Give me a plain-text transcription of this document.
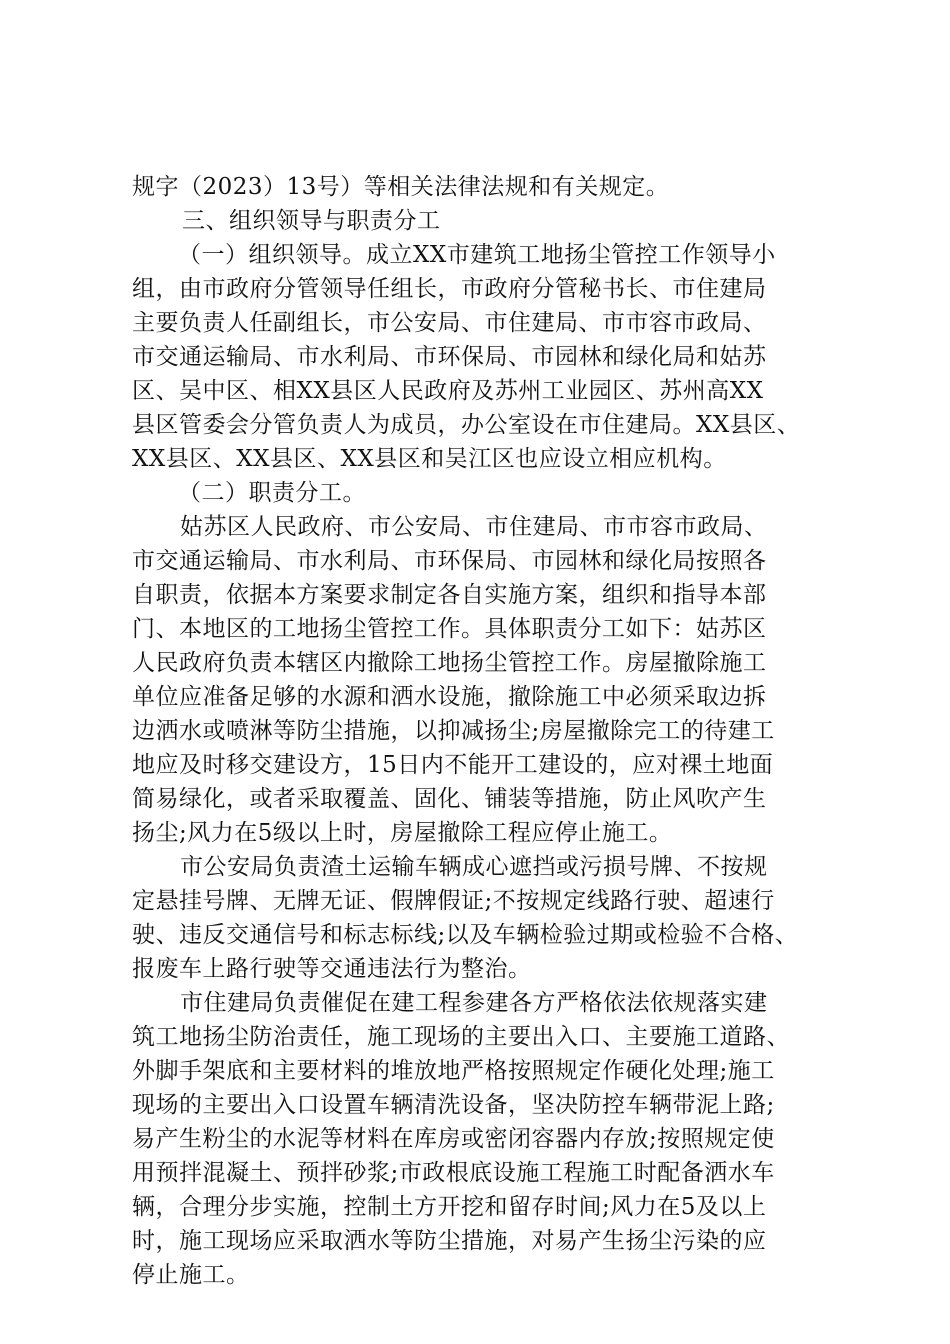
规字（2023）13号）等相关法律法规和有关规定。
三、组织领导与职责分工
（一）组织领导。成立XX市建筑工地扬尘管控工作领导小
组，由市政府分管领导任组长，市政府分管秘书长、市住建局
主要负责人任副组长，市公安局、市住建局、市市容市政局、
市交通运输局、市水利局、市环保局、市园林和绿化局和姑苏
区、吴中区、相XX县区人民政府及苏州工业园区、苏州高XX
县区管委会分管负责人为成员，办公室设在市住建局。XX县区、
XX县区、XX县区、XX县区和吴江区也应设立相应机构。
（二）职责分工。
姑苏区人民政府、市公安局、市住建局、市市容市政局、
市交通运输局、市水利局、市环保局、市园林和绿化局按照各
自职责，依据本方案要求制定各自实施方案，组织和指导本部
门、本地区的工地扬尘管控工作。具体职责分工如下：姑苏区
人民政府负责本辖区内撤除工地扬尘管控工作。房屋撤除施工
单位应准备足够的水源和洒水设施，撤除施工中必须采取边拆
边洒水或喷淋等防尘措施，以抑减扬尘;房屋撤除完工的待建工
地应及时移交建设方，15日内不能开工建设的，应对裸土地面
简易绿化，或者采取覆盖、固化、铺装等措施，防止风吹产生
扬尘;风力在5级以上时，房屋撤除工程应停止施工。
市公安局负责渣土运输车辆成心遮挡或污损号牌、不按规
定悬挂号牌、无牌无证、假牌假证;不按规定线路行驶、超速行
驶、违反交通信号和标志标线;以及车辆检验过期或检验不合格、
报废车上路行驶等交通违法行为整治。
市住建局负责催促在建工程参建各方严格依法依规落实建
筑工地扬尘防治责任，施工现场的主要出入口、主要施工道路、
外脚手架底和主要材料的堆放地严格按照规定作硬化处理;施工
现场的主要出入口设置车辆清洗设备，坚决防控车辆带泥上路;
易产生粉尘的水泥等材料在库房或密闭容器内存放;按照规定使
用预拌混凝土、预拌砂浆;市政根底设施工程施工时配备洒水车
辆，合理分步实施，控制土方开挖和留存时间;风力在5及以上
时，施工现场应采取洒水等防尘措施，对易产生扬尘污染的应
停止施工。
